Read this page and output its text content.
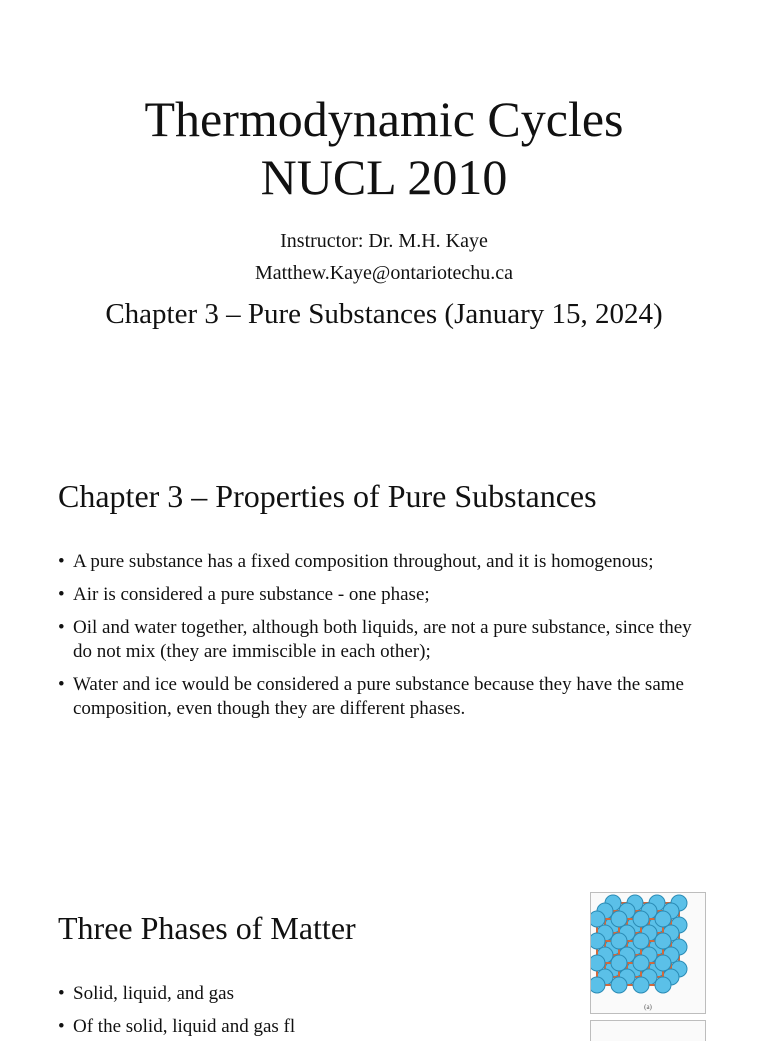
Thermodynamic Cycles
NUCL 2010
Instructor: Dr. M.H. Kaye
Matthew.Kaye@ontariotechu.ca
Chapter 3 – Pure Substances (January 15, 2024)
Chapter 3 – Properties of Pure Substances
• A pure substance has a fixed composition throughout, and it is homogenous;
• Air is considered a pure substance - one phase;
• Oil and water together, although both liquids, are not a pure substance, since they do not mix (they are immiscible in each other);
• Water and ice would be considered a pure substance because they have the same composition, even though they are different phases.
Three Phases of Matter
• Solid, liquid, and gas
• Of the solid, liquid and gas fl
(a)
